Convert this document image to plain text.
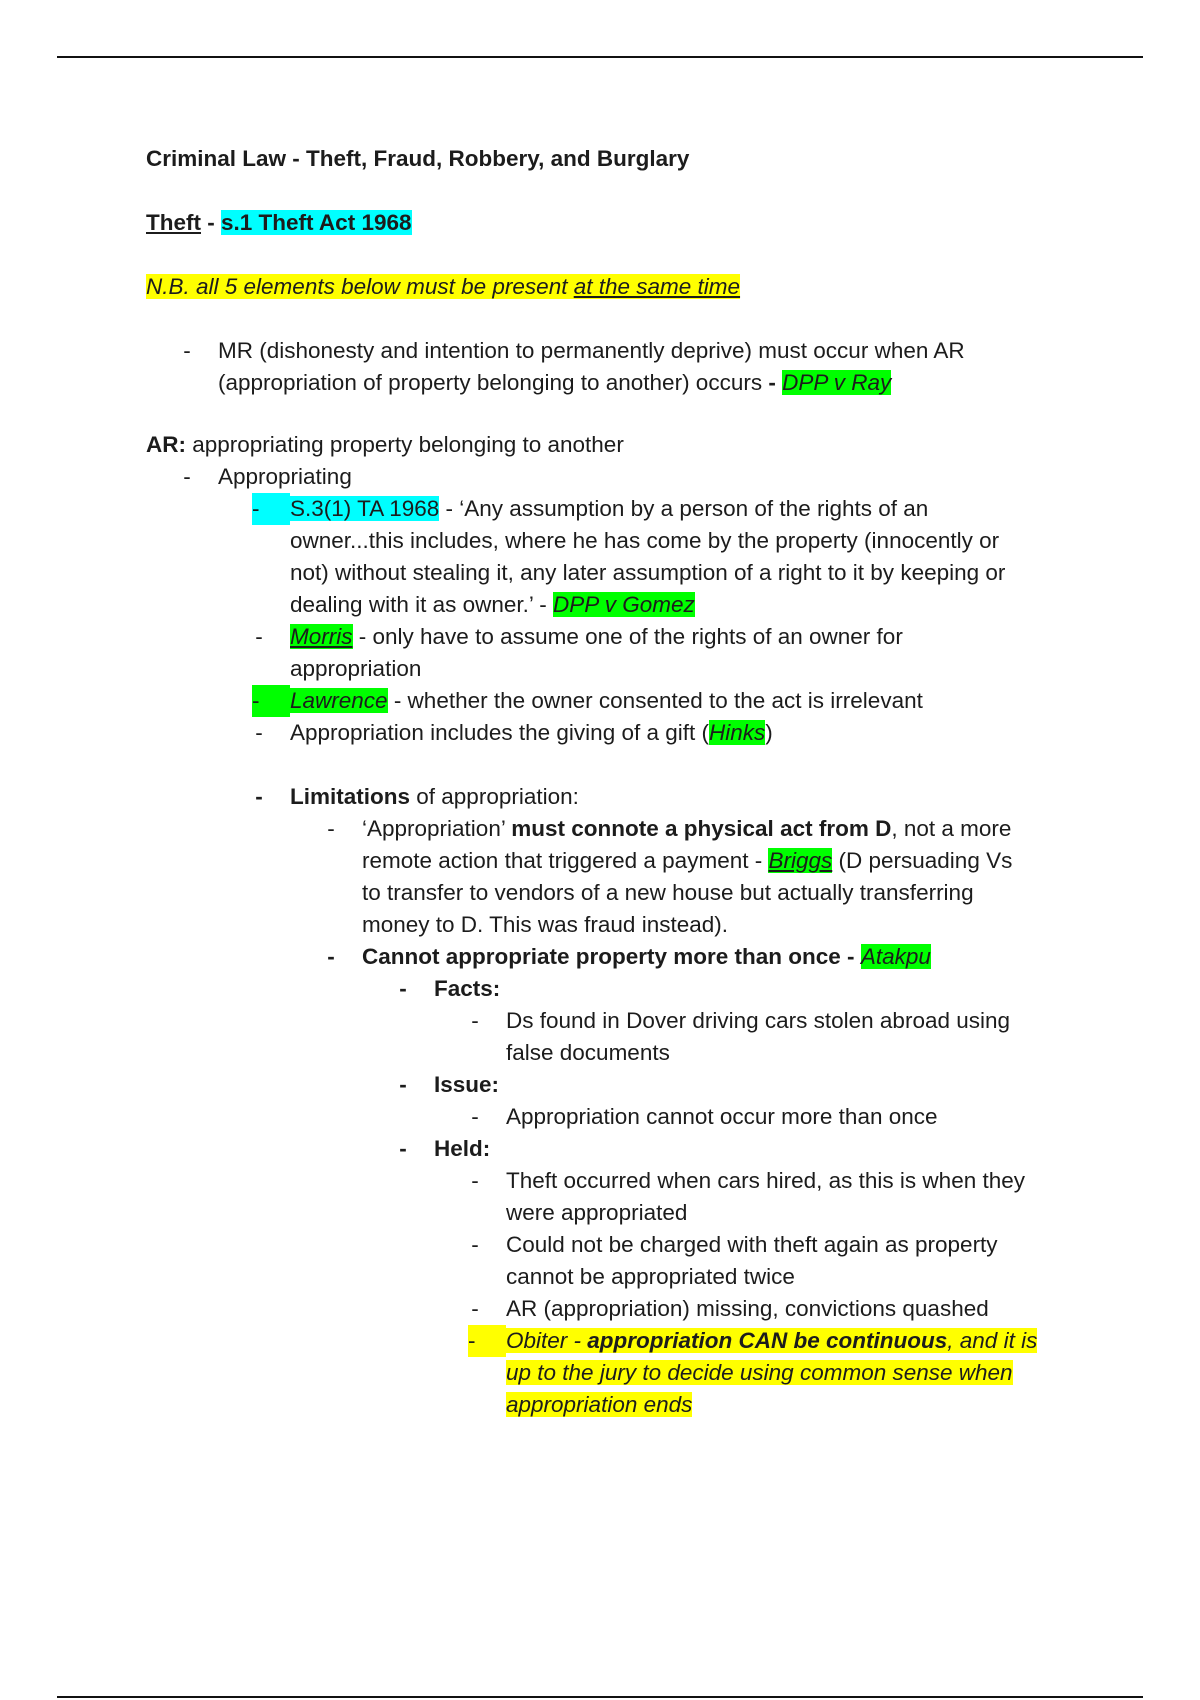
Criminal Law - Theft, Fraud, Robbery, and Burglary
Theft - s.1 Theft Act 1968
N.B. all 5 elements below must be present at the same time
- MR (dishonesty and intention to permanently deprive) must occur when AR
(appropriation of property belonging to another) occurs - DPP v Ray
AR: appropriating property belonging to another
- Appropriating
-	S.3(1) TA 1968 - ‘Any assumption by a person of the rights of an
owner...this includes, where he has come by the property (innocently or
not) without stealing it, any later assumption of a right to it by keeping or
dealing with it as owner.’ - DPP v Gomez
- Morris - only have to assume one of the rights of an owner for
appropriation
-	Lawrence - whether the owner consented to the act is irrelevant
- Appropriation includes the giving of a gift (Hinks)
- Limitations of appropriation:
- ‘Appropriation’ must connote a physical act from D, not a more
remote action that triggered a payment - Briggs (D persuading Vs
to transfer to vendors of a new house but actually transferring
money to D. This was fraud instead).
- Cannot appropriate property more than once - Atakpu
- Facts:
- Ds found in Dover driving cars stolen abroad using
false documents
- Issue:
- Appropriation cannot occur more than once
- Held:
- Theft occurred when cars hired, as this is when they
were appropriated
- Could not be charged with theft again as property
cannot be appropriated twice
- AR (appropriation) missing, convictions quashed
-	Obiter - appropriation CAN be continuous, and it is
up to the jury to decide using common sense when
appropriation ends
